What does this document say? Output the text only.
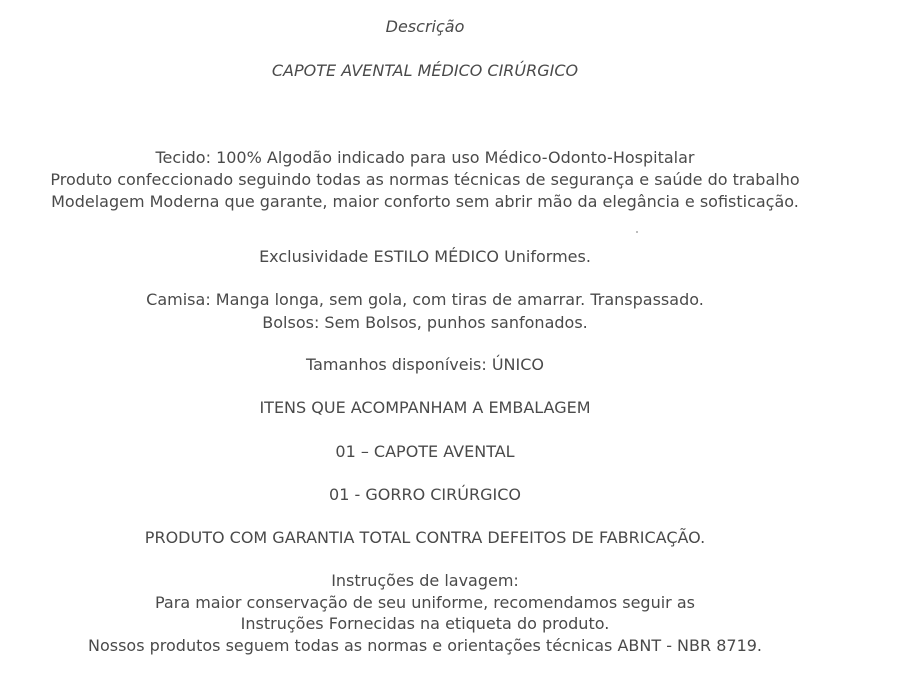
Descrição
CAPOTE AVENTAL MÉDICO CIRÚRGICO
Tecido: 100% Algodão indicado para uso Médico-Odonto-Hospitalar
Produto confeccionado seguindo todas as normas técnicas de segurança e saúde do trabalho
Modelagem Moderna que garante, maior conforto sem abrir mão da elegância e sofisticação.
Exclusividade ESTILO MÉDICO Uniformes.
Camisa: Manga longa, sem gola, com tiras de amarrar. Transpassado.
Bolsos: Sem Bolsos, punhos sanfonados.
Tamanhos disponíveis: ÚNICO
ITENS QUE ACOMPANHAM A EMBALAGEM
01 – CAPOTE AVENTAL
01 - GORRO CIRÚRGICO
PRODUTO COM GARANTIA TOTAL CONTRA DEFEITOS DE FABRICAÇÃO.
Instruções de lavagem:
Para maior conservação de seu uniforme, recomendamos seguir as
Instruções Fornecidas na etiqueta do produto.
Nossos produtos seguem todas as normas e orientações técnicas ABNT - NBR 8719.
